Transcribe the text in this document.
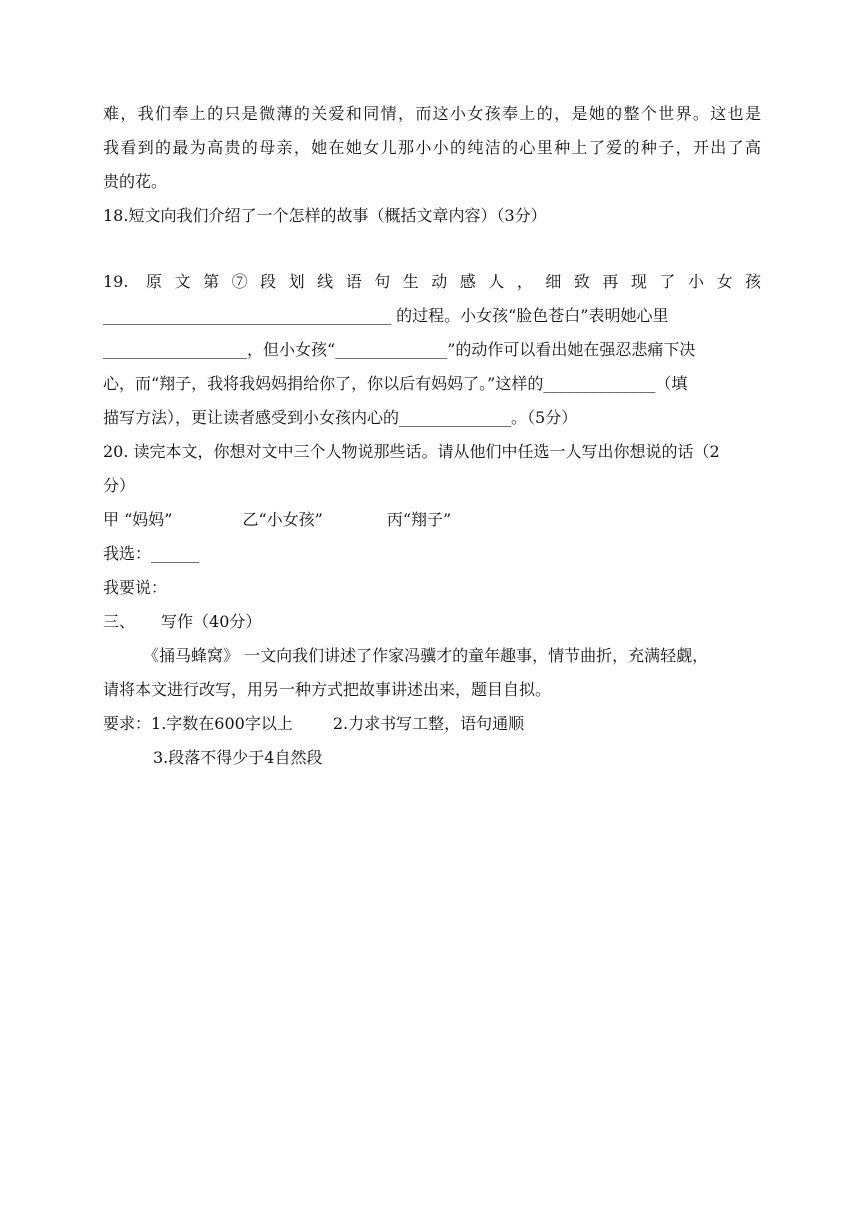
难，我们奉上的只是微薄的关爱和同情，而这小女孩奉上的，是她的整个世界。这也是
我看到的最为高贵的母亲，她在她女儿那小小的纯洁的心里种上了爱的种子，开出了高
贵的花。
18.短文向我们介绍了一个怎样的故事（概括文章内容）（3分）
19. 原文第⑦段划线语句生动感人，细致再现了小女孩
____________________________________ 的过程。小女孩“脸色苍白”表明她心里
__________________，但小女孩“______________”的动作可以看出她在强忍悲痛下决
心，而“翔子，我将我妈妈捐给你了，你以后有妈妈了。”这样的______________（填
描写方法），更让读者感受到小女孩内心的______________。（5分）
20. 读完本文，你想对文中三个人物说那些话。请从他们中任选一人写出你想说的话（2
分）
甲 “妈妈”	乙“小女孩”	丙“翔子”
我选：______
我要说：
三、 写作（40分）
《捅马蜂窝》 一文向我们讲述了作家冯骥才的童年趣事，情节曲折，充满轻觑，
请将本文进行改写，用另一种方式把故事讲述出来，题目自拟。
要求：1.字数在600字以上	2.力求书写工整，语句通顺
3.段落不得少于4自然段
